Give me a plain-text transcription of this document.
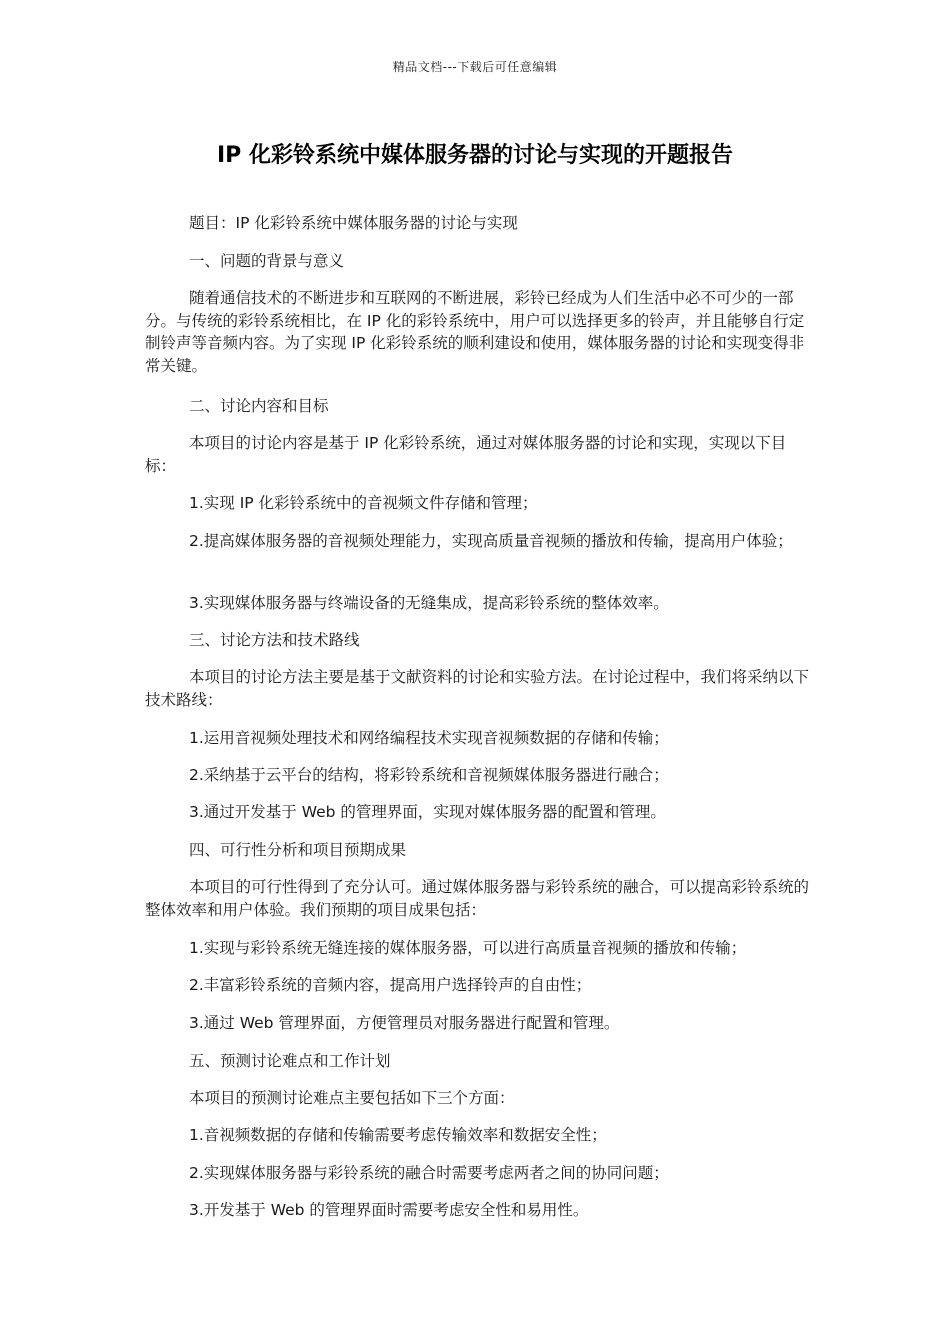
精品文档---下载后可任意编辑
IP 化彩铃系统中媒体服务器的讨论与实现的开题报告

题目：IP 化彩铃系统中媒体服务器的讨论与实现

一、问题的背景与意义

随着通信技术的不断进步和互联网的不断进展，彩铃已经成为人们生活中必不可少的一部分。与传统的彩铃系统相比，在 IP 化的彩铃系统中，用户可以选择更多的铃声，并且能够自行定制铃声等音频内容。为了实现 IP 化彩铃系统的顺利建设和使用，媒体服务器的讨论和实现变得非常关键。

二、讨论内容和目标

本项目的讨论内容是基于 IP 化彩铃系统，通过对媒体服务器的讨论和实现，实现以下目标：

1.实现 IP 化彩铃系统中的音视频文件存储和管理；

2.提高媒体服务器的音视频处理能力，实现高质量音视频的播放和传输，提高用户体验；

3.实现媒体服务器与终端设备的无缝集成，提高彩铃系统的整体效率。

三、讨论方法和技术路线

本项目的讨论方法主要是基于文献资料的讨论和实验方法。在讨论过程中，我们将采纳以下技术路线：

1.运用音视频处理技术和网络编程技术实现音视频数据的存储和传输；

2.采纳基于云平台的结构，将彩铃系统和音视频媒体服务器进行融合；

3.通过开发基于 Web 的管理界面，实现对媒体服务器的配置和管理。

四、可行性分析和项目预期成果

本项目的可行性得到了充分认可。通过媒体服务器与彩铃系统的融合，可以提高彩铃系统的整体效率和用户体验。我们预期的项目成果包括：

1.实现与彩铃系统无缝连接的媒体服务器，可以进行高质量音视频的播放和传输；

2.丰富彩铃系统的音频内容，提高用户选择铃声的自由性；

3.通过 Web 管理界面，方便管理员对服务器进行配置和管理。

五、预测讨论难点和工作计划

本项目的预测讨论难点主要包括如下三个方面：

1.音视频数据的存储和传输需要考虑传输效率和数据安全性；

2.实现媒体服务器与彩铃系统的融合时需要考虑两者之间的协同问题；

3.开发基于 Web 的管理界面时需要考虑安全性和易用性。
